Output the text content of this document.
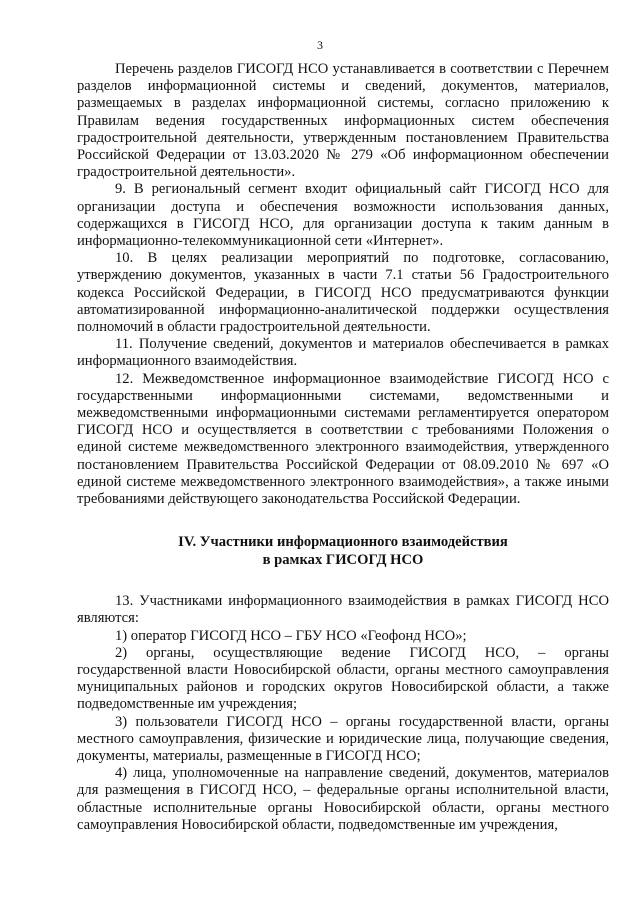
3

Перечень разделов ГИСОГД НСО устанавливается в соответствии с Перечнем разделов информационной системы и сведений, документов, материалов, размещаемых в разделах информационной системы, согласно приложению к Правилам ведения государственных информационных систем обеспечения градостроительной деятельности, утвержденным постановлением Правительства Российской Федерации от 13.03.2020 № 279 «Об информационном обеспечении градостроительной деятельности».

9. В региональный сегмент входит официальный сайт ГИСОГД НСО для организации доступа и обеспечения возможности использования данных, содержащихся в ГИСОГД НСО, для организации доступа к таким данным в информационно-телекоммуникационной сети «Интернет».

10. В целях реализации мероприятий по подготовке, согласованию, утверждению документов, указанных в части 7.1 статьи 56 Градостроительного кодекса Российской Федерации, в ГИСОГД НСО предусматриваются функции автоматизированной информационно-аналитической поддержки осуществления полномочий в области градостроительной деятельности.

11. Получение сведений, документов и материалов обеспечивается в рамках информационного взаимодействия.

12. Межведомственное информационное взаимодействие ГИСОГД НСО с государственными информационными системами, ведомственными и межведомственными информационными системами регламентируется оператором ГИСОГД НСО и осуществляется в соответствии с требованиями Положения о единой системе межведомственного электронного взаимодействия, утвержденного постановлением Правительства Российской Федерации от 08.09.2010 № 697 «О единой системе межведомственного электронного взаимодействия», а также иными требованиями действующего законодательства Российской Федерации.

IV. Участники информационного взаимодействия
в рамках ГИСОГД НСО

13. Участниками информационного взаимодействия в рамках ГИСОГД НСО являются:

1) оператор ГИСОГД НСО – ГБУ НСО «Геофонд НСО»;

2) органы, осуществляющие ведение ГИСОГД НСО, – органы государственной власти Новосибирской области, органы местного самоуправления муниципальных районов и городских округов Новосибирской области, а также подведомственные им учреждения;

3) пользователи ГИСОГД НСО – органы государственной власти, органы местного самоуправления, физические и юридические лица, получающие сведения, документы, материалы, размещенные в ГИСОГД НСО;

4) лица, уполномоченные на направление сведений, документов, материалов для размещения в ГИСОГД НСО, – федеральные органы исполнительной власти, областные исполнительные органы Новосибирской области, органы местного самоуправления Новосибирской области, подведомственные им учреждения,
